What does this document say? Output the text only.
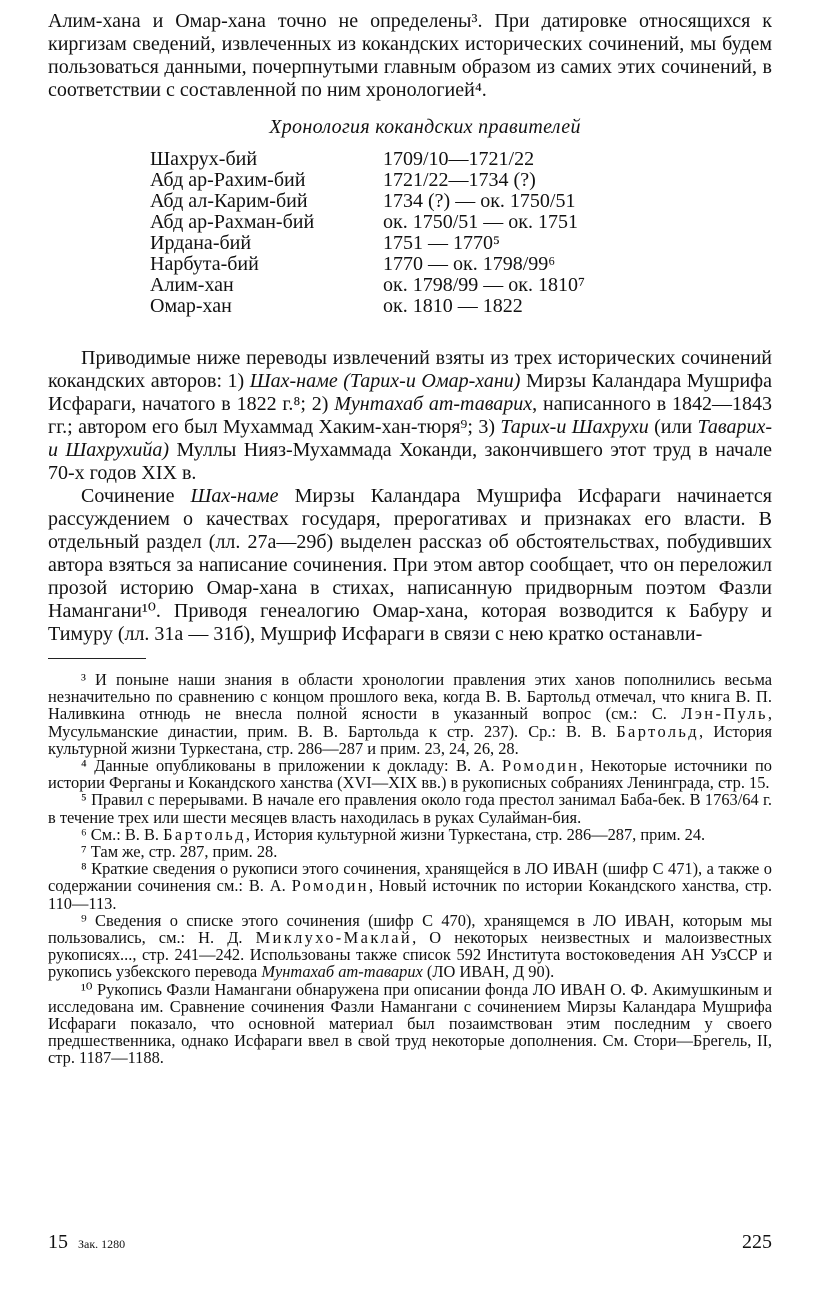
Алим-хана и Омар-хана точно не определены³. При датировке относящихся к киргизам сведений, извлеченных из кокандских исторических сочинений, мы будем пользоваться данными, почерпнутыми главным образом из самих этих сочинений, в соответствии с составленной по ним хронологией⁴.

Хронология кокандских правителей
Шахрух-бий	1709/10—1721/22
Абд ар-Рахим-бий	1721/22—1734 (?)
Абд ал-Карим-бий	1734 (?) — ок. 1750/51
Абд ар-Рахман-бий	ок. 1750/51 — ок. 1751
Ирдана-бий	1751 — 1770⁵
Нарбута-бий	1770 — ок. 1798/99⁶
Алим-хан	ок. 1798/99 — ок. 1810⁷
Омар-хан	ок. 1810 — 1822

Приводимые ниже переводы извлечений взяты из трех исторических сочинений кокандских авторов: 1) Шах-наме (Тарих-и Омар-хани) Мирзы Каландара Мушрифа Исфараги, начатого в 1822 г.⁸; 2) Мунтахаб ат-таварих, написанного в 1842—1843 гг.; автором его был Мухаммад Хаким-хан-тюря⁹; 3) Тарих-и Шахрухи (или Таварих-и Шахрухийа) Муллы Нияз-Мухаммада Хоканди, закончившего этот труд в начале 70-х годов XIX в.

Сочинение Шах-наме Мирзы Каландара Мушрифа Исфараги начинается рассуждением о качествах государя, прерогативах и признаках его власти. В отдельный раздел (лл. 27а—29б) выделен рассказ об обстоятельствах, побудивших автора взяться за написание сочинения. При этом автор сообщает, что он переложил прозой историю Омар-хана в стихах, написанную придворным поэтом Фазли Намангани¹⁰. Приводя генеалогию Омар-хана, которая возводится к Бабуру и Тимуру (лл. 31а — 31б), Мушриф Исфараги в связи с нею кратко останавли-

³ И поныне наши знания в области хронологии правления этих ханов пополнились весьма незначительно по сравнению с концом прошлого века, когда В. В. Бартольд отмечал, что книга В. П. Наливкина отнюдь не внесла полной ясности в указанный вопрос (см.: С. Лэн-Пуль, Мусульманские династии, прим. В. В. Бартольда к стр. 237). Ср.: В. В. Бартольд, История культурной жизни Туркестана, стр. 286—287 и прим. 23, 24, 26, 28.

⁴ Данные опубликованы в приложении к докладу: В. А. Ромодин, Некоторые источники по истории Ферганы и Кокандского ханства (XVI—XIX вв.) в рукописных собраниях Ленинграда, стр. 15.

⁵ Правил с перерывами. В начале его правления около года престол занимал Баба-бек. В 1763/64 г. в течение трех или шести месяцев власть находилась в руках Сулайман-бия.

⁶ См.: В. В. Бартольд, История культурной жизни Туркестана, стр. 286—287, прим. 24.

⁷ Там же, стр. 287, прим. 28.

⁸ Краткие сведения о рукописи этого сочинения, хранящейся в ЛО ИВАН (шифр С 471), а также о содержании сочинения см.: В. А. Ромодин, Новый источник по истории Кокандского ханства, стр. 110—113.

⁹ Сведения о списке этого сочинения (шифр С 470), хранящемся в ЛО ИВАН, которым мы пользовались, см.: Н. Д. Миклухо-Маклай, О некоторых неизвестных и малоизвестных рукописях..., стр. 241—242. Использованы также список 592 Института востоковедения АН УзССР и рукопись узбекского перевода Мунтахаб ат-таварих (ЛО ИВАН, Д 90).

¹⁰ Рукопись Фазли Намангани обнаружена при описании фонда ЛО ИВАН О. Ф. Акимушкиным и исследована им. Сравнение сочинения Фазли Намангани с сочинением Мирзы Каландара Мушрифа Исфараги показало, что основной материал был позаимствован этим последним у своего предшественника, однако Исфараги ввел в свой труд некоторые дополнения. См. Стори—Брегель, II, стр. 1187—1188.

15 Зак. 1280	225
